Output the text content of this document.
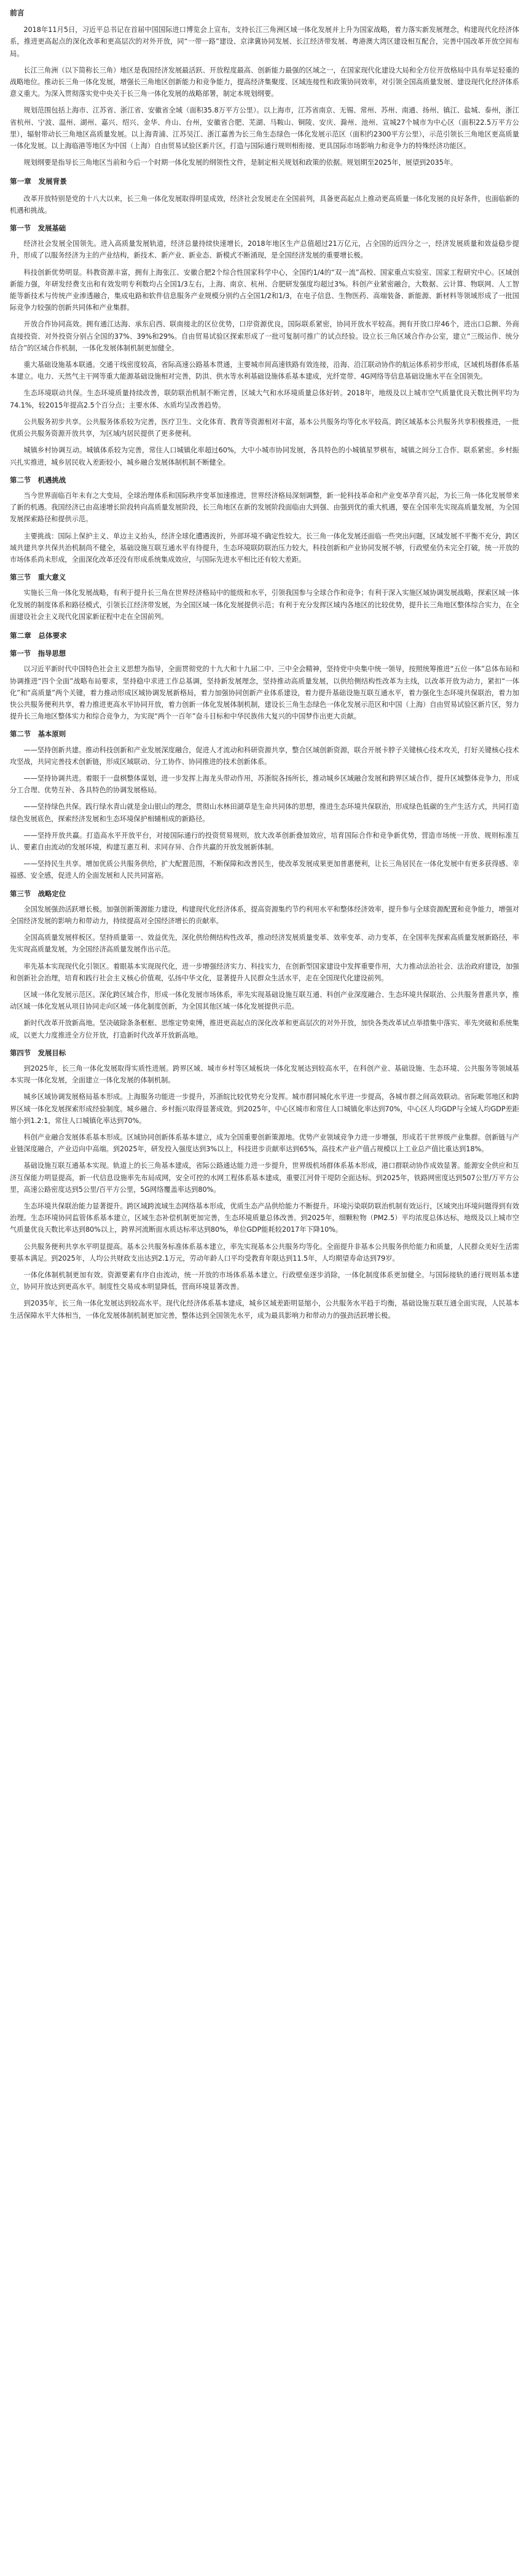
前言
2018年11月5日，习近平总书记在首届中国国际进口博览会上宣布，支持长江三角洲区域一体化发展并上升为国家战略，着力落实新发展理念，构建现代化经济体系，推进更高起点的深化改革和更高层次的对外开放，同“一带一路”建设、京津冀协同发展、长江经济带发展、粤港澳大湾区建设相互配合，完善中国改革开放空间布局。
长江三角洲（以下简称长三角）地区是我国经济发展最活跃、开放程度最高、创新能力最强的区域之一，在国家现代化建设大局和全方位开放格局中具有举足轻重的战略地位。推动长三角一体化发展，增强长三角地区创新能力和竞争能力，提高经济集聚度、区域连接性和政策协同效率，对引领全国高质量发展、建设现代化经济体系意义重大。为深入贯彻落实党中央关于长三角一体化发展的战略部署，制定本规划纲要。
规划范围包括上海市、江苏省、浙江省、安徽省全域（面积35.8万平方公里）。以上海市，江苏省南京、无锡、常州、苏州、南通、扬州、镇江、盐城、泰州，浙江省杭州、宁波、温州、湖州、嘉兴、绍兴、金华、舟山、台州，安徽省合肥、芜湖、马鞍山、铜陵、安庆、滁州、池州、宣城27个城市为中心区（面积22.5万平方公里），辐射带动长三角地区高质量发展。以上海青浦、江苏吴江、浙江嘉善为长三角生态绿色一体化发展示范区（面积约2300平方公里），示范引领长三角地区更高质量一体化发展。以上海临港等地区为中国（上海）自由贸易试验区新片区，打造与国际通行规则相衔接、更具国际市场影响力和竞争力的特殊经济功能区。
规划纲要是指导长三角地区当前和今后一个时期一体化发展的纲领性文件，是制定相关规划和政策的依据。规划期至2025年，展望到2035年。
第一章　发展背景
改革开放特别是党的十八大以来，长三角一体化发展取得明显成效，经济社会发展走在全国前列，具备更高起点上推动更高质量一体化发展的良好条件，也面临新的机遇和挑战。
第一节　发展基础
经济社会发展全国领先。进入高质量发展轨道，经济总量持续快速增长，2018年地区生产总值超过21万亿元，占全国的近四分之一，经济发展质量和效益稳步提升，形成了以服务经济为主的产业结构，新技术、新产业、新业态、新模式不断涌现，是全国经济发展的重要增长极。
科技创新优势明显。科教资源丰富，拥有上海张江、安徽合肥2个综合性国家科学中心，全国约1/4的“双一流”高校、国家重点实验室、国家工程研究中心。区域创新能力强，年研发经费支出和有效发明专利数均占全国1/3左右，上海、南京、杭州、合肥研发强度均超过3%。科创产业紧密融合，大数据、云计算、物联网、人工智能等新技术与传统产业渗透融合，集成电路和软件信息服务产业规模分别约占全国1/2和1/3，在电子信息、生物医药、高端装备、新能源、新材料等领域形成了一批国际竞争力较强的创新共同体和产业集群。
开放合作协同高效。拥有通江达海、承东启西、联南接北的区位优势，口岸资源优良，国际联系紧密，协同开放水平较高。拥有开放口岸46个，进出口总额、外商直接投资、对外投资分别占全国的37%、39%和29%。自由贸易试验区探索形成了一批可复制可推广的试点经验。设立长三角区域合作办公室，建立“三级运作、统分结合”的区域合作机制，一体化发展体制机制更加健全。
重大基础设施基本联通。交通干线密度较高，省际高速公路基本贯通，主要城市间高速铁路有效连接，沿海、沿江联动协作的航运体系初步形成，区域机场群体系基本建立。电力、天然气主干网等重大能源基础设施相对完善，防洪、供水等水利基础设施体系基本建成，光纤宽带、4G网络等信息基础设施水平在全国领先。
生态环境联动共保。生态环境质量持续改善，联防联治机制不断完善，区域大气和水环境质量总体好转。2018年，地级及以上城市空气质量优良天数比例平均为74.1%，较2015年提高2.5个百分点；主要水体、水质均呈改善趋势。
公共服务初步共享。公共服务体系较为完善，医疗卫生、文化体育、教育等资源相对丰富，基本公共服务均等化水平较高。跨区域基本公共服务共享积极推进，一批优质公共服务资源开放共享，为区域内居民提供了更多便利。
城镇乡村协调互动。城镇体系较为完善，常住人口城镇化率超过60%，大中小城市协同发展，各具特色的小城镇星罗棋布，城镇之间分工合作、联系紧密。乡村振兴扎实推进，城乡居民收入差距较小，城乡融合发展体制机制不断健全。
第二节　机遇挑战
当今世界面临百年未有之大变局，全球治理体系和国际秩序变革加速推进，世界经济格局深刻调整，新一轮科技革命和产业变革孕育兴起，为长三角一体化发展带来了新的机遇。我国经济已由高速增长阶段转向高质量发展阶段，长三角地区在新的发展阶段面临由大到强、由强到优的重大机遇，要在全国率先实现高质量发展，为全国发展探索路径和提供示范。
主要挑战：国际上保护主义、单边主义抬头，经济全球化遭遇波折，外部环境不确定性较大。长三角一体化发展还面临一些突出问题，区域发展不平衡不充分，跨区域共建共享共保共治机制尚不健全，基础设施互联互通水平有待提升，生态环境联防联治压力较大，科技创新和产业协同发展不够，行政壁垒仍未完全打破，统一开放的市场体系尚未形成，全面深化改革还没有形成系统集成效应，与国际先进水平相比还有较大差距。
第三节　重大意义
实施长三角一体化发展战略，有利于提升长三角在世界经济格局中的能级和水平，引领我国参与全球合作和竞争；有利于深入实施区域协调发展战略，探索区域一体化发展的制度体系和路径模式，引领长江经济带发展，为全国区域一体化发展提供示范；有利于充分发挥区域内各地区的比较优势，提升长三角地区整体综合实力，在全面建设社会主义现代化国家新征程中走在全国前列。
第二章　总体要求
第一节　指导思想
以习近平新时代中国特色社会主义思想为指导，全面贯彻党的十九大和十九届二中、三中全会精神，坚持党中央集中统一领导，按照统筹推进“五位一体”总体布局和协调推进“四个全面”战略布局要求，坚持稳中求进工作总基调，坚持新发展理念，坚持推动高质量发展，以供给侧结构性改革为主线，以改革开放为动力，紧扣“一体化”和“高质量”两个关键，着力推动形成区域协调发展新格局，着力加强协同创新产业体系建设，着力提升基础设施互联互通水平，着力强化生态环境共保联治，着力加快公共服务便利共享，着力推进更高水平协同开放，着力创新一体化发展体制机制，建设长三角生态绿色一体化发展示范区和中国（上海）自由贸易试验区新片区，努力提升长三角地区整体实力和综合竞争力，为实现“两个一百年”奋斗目标和中华民族伟大复兴的中国梦作出更大贡献。
第二节　基本原则
——坚持创新共建。推动科技创新和产业发展深度融合，促进人才流动和科研资源共享，整合区域创新资源，联合开展卡脖子关键核心技术攻关，打好关键核心技术攻坚战，共同完善技术创新链，形成区域联动、分工协作、协同推进的技术创新体系。
——坚持协调共进。着眼于一盘棋整体谋划，进一步发挥上海龙头带动作用，苏浙皖各扬所长，推动城乡区域融合发展和跨界区域合作，提升区域整体竞争力，形成分工合理、优势互补、各具特色的协调发展格局。
——坚持绿色共保。践行绿水青山就是金山银山的理念，贯彻山水林田湖草是生命共同体的思想，推进生态环境共保联治，形成绿色低碳的生产生活方式，共同打造绿色发展底色，探索经济发展和生态环境保护相辅相成的新路径。
——坚持开放共赢。打造高水平开放平台，对接国际通行的投资贸易规则，放大改革创新叠加效应，培育国际合作和竞争新优势，营造市场统一开放、规则标准互认、要素自由流动的发展环境，构建互惠互利、求同存异、合作共赢的开放发展新体制。
——坚持民生共享。增加优质公共服务供给，扩大配置范围，不断保障和改善民生，使改革发展成果更加普惠便利，让长三角居民在一体化发展中有更多获得感、幸福感、安全感，促进人的全面发展和人民共同富裕。
第三节　战略定位
全国发展强劲活跃增长极。加强创新策源能力建设，构建现代化经济体系，提高资源集约节约利用水平和整体经济效率，提升参与全球资源配置和竞争能力，增强对全国经济发展的影响力和带动力，持续提高对全国经济增长的贡献率。
全国高质量发展样板区。坚持质量第一、效益优先，深化供给侧结构性改革，推动经济发展质量变革、效率变革、动力变革，在全国率先探索高质量发展新路径，率先实现高质量发展，为全国经济高质量发展作出示范。
率先基本实现现代化引领区。着眼基本实现现代化，进一步增强经济实力、科技实力，在创新型国家建设中发挥重要作用，大力推动法治社会、法治政府建设，加强和创新社会治理，培育和践行社会主义核心价值观，弘扬中华文化，显著提升人民群众生活水平，走在全国现代化建设前列。
区域一体化发展示范区。深化跨区域合作，形成一体化发展市场体系，率先实现基础设施互联互通、科创产业深度融合、生态环境共保联治、公共服务普惠共享，推动区域一体化发展从项目协同走向区域一体化制度创新，为全国其他区域一体化发展提供示范。
新时代改革开放新高地。坚决破除条条框框、思维定势束缚，推进更高起点的深化改革和更高层次的对外开放，加快各类改革试点举措集中落实、率先突破和系统集成，以更大力度推进全方位开放，打造新时代改革开放新高地。
第四节　发展目标
到2025年，长三角一体化发展取得实质性进展。跨界区域、城市乡村等区域板块一体化发展达到较高水平，在科创产业、基础设施、生态环境、公共服务等领域基本实现一体化发展，全面建立一体化发展的体制机制。
城乡区域协调发展格局基本形成。上海服务功能进一步提升，苏浙皖比较优势充分发挥。城市群同城化水平进一步提高，各城市群之间高效联动。省际毗邻地区和跨界区域一体化发展探索形成经验制度。城乡融合、乡村振兴取得显著成效。到2025年，中心区城市和常住人口城镇化率达到70%，中心区人均GDP与全域人均GDP差距缩小到1.2:1，常住人口城镇化率达到70%。
科创产业融合发展体系基本形成。区域协同创新体系基本建立，成为全国重要创新策源地。优势产业领域竞争力进一步增强，形成若干世界级产业集群。创新链与产业链深度融合，产业迈向中高端。到2025年，研发投入强度达到3%以上，科技进步贡献率达到65%，高技术产业产值占规模以上工业总产值比重达到18%。
基础设施互联互通基本实现。轨道上的长三角基本建成，省际公路通达能力进一步提升，世界级机场群体系基本形成，港口群联动协作成效显著。能源安全供应和互济互保能力明显提高，新一代信息设施率先布局成网，安全可控的水网工程体系基本建成，重要江河骨干堤防全面达标。到2025年，铁路网密度达到507公里/万平方公里，高速公路密度达到5公里/百平方公里，5G网络覆盖率达到80%。
生态环境共保联治能力显著提升。跨区域跨流域生态网络基本形成，优质生态产品供给能力不断提升。环境污染联防联治机制有效运行，区域突出环境问题得到有效治理。生态环境协同监管体系基本建立，区域生态补偿机制更加完善，生态环境质量总体改善。到2025年，细颗粒物（PM2.5）平均浓度总体达标，地级及以上城市空气质量优良天数比率达到80%以上，跨界河流断面水质达标率达到80%，单位GDP能耗较2017年下降10%。
公共服务便利共享水平明显提高。基本公共服务标准体系基本建立，率先实现基本公共服务均等化。全面提升非基本公共服务供给能力和质量，人民群众美好生活需要基本满足。到2025年，人均公共财政支出达到2.1万元，劳动年龄人口平均受教育年限达到11.5年，人均期望寿命达到79岁。
一体化体制机制更加有效。资源要素有序自由流动，统一开放的市场体系基本建立。行政壁垒逐步消除，一体化制度体系更加健全。与国际接轨的通行规则基本建立，协同开放达到更高水平。制度性交易成本明显降低，营商环境显著改善。
到2035年，长三角一体化发展达到较高水平。现代化经济体系基本建成，城乡区域差距明显缩小，公共服务水平趋于均衡，基础设施互联互通全面实现，人民基本生活保障水平大体相当，一体化发展体制机制更加完善，整体达到全国领先水平，成为最具影响力和带动力的强劲活跃增长极。
